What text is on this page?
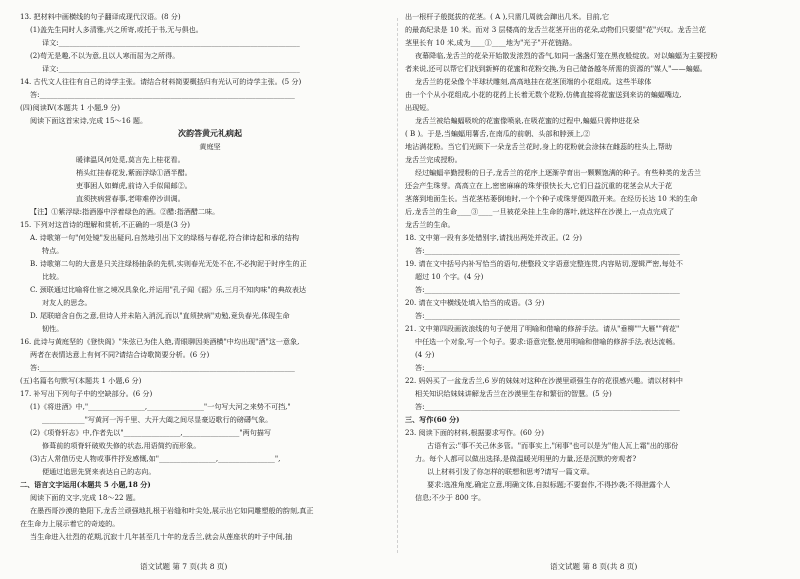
13. 把材料中画横线的句子翻译成现代汉语。(8 分)
(1)盖先生同时人多清雅,兴之所寄,或托于书,无与俱也。
译文:____________________________________________________________________
(2)苟无是趣,不以为意,且以人寒而屈为之所得。
译文:____________________________________________________________________
14. 古代文人往往有自己的诗学主张。请结合材料简要概括归有光认可的诗学主张。(5 分)
答:________________________________________________________________________
(四)阅读Ⅳ(本题共 1 小题,9 分)
阅读下面这首宋诗,完成 15～16 题。
次韵答黄元礼病起
黄庭坚
暖律温风何处觅,莫言先上桂花看。
梢头红挂春花发,紫面浮绿①酒半醋。
吏事困人如蝉虎,前诗入手似闻邮②。
直须挟病营春事,老啡难停沙训调。
【注】①紫浮绿:指酒器中浮着绿色的酒。②醋:指酒醋二味。
15. 下列对这首诗的理解和赏析,不正确的一项是(3 分)
A. 诗歌第一句"何处镜"发出疑问,自然地引出下文的绿杨与春花,符合律诗起和承的结构
特点。
B. 诗歌第二句的大意是只关注绿杨抽条的先机,实则春光无处不在,不必拘泥于时序生的正
比较。
C. 颈联通过比喻将仕宦之境况具象化,并运用"孔子闻《韶》乐,三月不知肉味"的典故表达
对友人的思念。
D. 尾联暗含自伤之意,但诗人并未陷入消沉,而以"直须挟病"劝勉,竟负春光,体现生命
韧性。
16. 此诗与黄庭坚的《登快阁》"朱弦已为佳人绝,青眼聊因美酒横"中均出现"酒"这一意象,
两者在表情达意上有何不同?请结合诗歌简要分析。(6 分)
答:________________________________________________________________________
(五)名篇名句默写(本题共 1 小题,6 分)
17. 补写出下列句子中的空缺部分。(6 分)
(1)《将进酒》中,"________________,________________"一句写大河之来势不可挡,"
____________"写黄河一泻千里、大开大阖之间尽显豪迈歌行的磅礴气象。
(2)《项脊轩志》中,作者先以"________________,________________"两句描写
修葺前的项脊轩破败失修的状态,用语简约而形象。
(3)古人常借历史人物或事件抒发感慨,如"________________,________________",
便通过追思先贤来表达自己的志向。
二、语言文字运用(本题共 5 小题,18 分)
阅读下面的文字,完成 18～22 题。
在墨西哥沙漠的艳阳下,龙舌兰顽强地扎根于岩缝和叶尖处,展示出它如同雕塑般的韵刻,真正
在生命力上展示着它的奇迹的。
当生命进入壮烈的花期,沉寂十几年甚至几十年的龙舌兰,就会从莲座状的叶子中间,抽
出一根杆子般挺拔的花茎。( A ),只需几周就会蹿出几米。目前,它
的最高纪录是 10 米。而对 3 层楼高的龙舌兰花茎开出的花朵,动物们只要望"花"兴叹。龙舌兰花
茎里长有 10 米,成为____①____地为"光子"开花链路。
夜幕降临,龙舌兰的花朵开始散发浓烈的香气,如同一盏盏灯笼在黑夜般绽放。对以蝙蝠为主要授粉
者来说,还可以帮它们找到新鲜的花蜜和花粉交换,为自己储备越冬所需的资源的"媒人"——蝙蝠。
龙舌兰的花朵像个半球状雕刻,高高地挂在花茎顶端的小花组成。这些半球体
由一个个从小花组成,小花的花药上长着无数个花粉,仿佛直接将花蜜送到来访的蝙蝠嘴边,
出现短。
龙舌兰被给蝙蝠吸吮的花蜜像喷泉,在吸花蜜的过程中,蝙蝠只需伸进花朵
( B )。于是,当蝙蝠用薯舌,在南瓜的前朝、头部和脖颈上,②
地沾满花粉。当它们光顾下一朵龙舌兰花时,身上的花粉就会涂抹在雌蕊的柱头上,帮助
龙舌兰完成授粉。
经过蝙蝠辛勤授粉的日子,龙舌兰的花序上逐渐孕育出一颗颗饱满的种子。有些种类的龙舌兰
还会产生珠芽。高高立在上,密密麻麻的珠芽很快长大,它们日益沉重的花茎会从大于花
茎落到地面生长。当花茎枯萎倒地时,一个个种子或珠芽便四散开来。在经历长达 10 米的生命
后,龙舌兰的生命____③____一旦被花朵挂上生命的落叶,就这样在沙漠上,一点点完成了
龙舌兰的生命。
18. 文中第一段有多处错别字,请找出两处并改正。(2 分)
答:________________________________________________________________________
19. 请在文中括号内补写恰当的语句,使整段文字语意完整连贯,内容贴切,逻辑严密,每处不
超过 10 个字。(4 分)
答:________________________________________________________________________
20. 请在文中横线处填入恰当的成语。(3 分)
答:________________________________________________________________________
21. 文中第四段画波浪线的句子使用了明喻和借喻的修辞手法。请从"垂柳""大雁""荷花"
中任选一个对象,写一个句子。要求:语意完整,使用明喻和借喻的修辞手法,表达流畅。
(4 分)
答:________________________________________________________________________
22. 妈妈买了一盆龙舌兰,6 岁的妹妹对这种在沙漠里顽强生存的花很感兴趣。请以材料中
相关知识给妹妹讲解龙舌兰在沙漠里生存和繁衍的智慧。(5 分)
答:________________________________________________________________________
三、写作(60 分)
23. 阅读下面的材料,根据要求写作。(60 分)
古语有云:"事不关己休多管。"而事实上,"闲事"也可以是为"他人瓦上霜"出的那份
力。每个人都可以做出选择,是做温暖光明里的力量,还是沉默的旁观者?
以上材料引发了你怎样的联想和思考?请写一篇文章。
要求:选准角度,确定立意,明确文体,自拟标题;不要套作,不得抄袭;不得泄露个人
信息;不少于 800 字。
语文试题 第 7 页(共 8 页)	语文试题 第 8 页(共 8 页)
